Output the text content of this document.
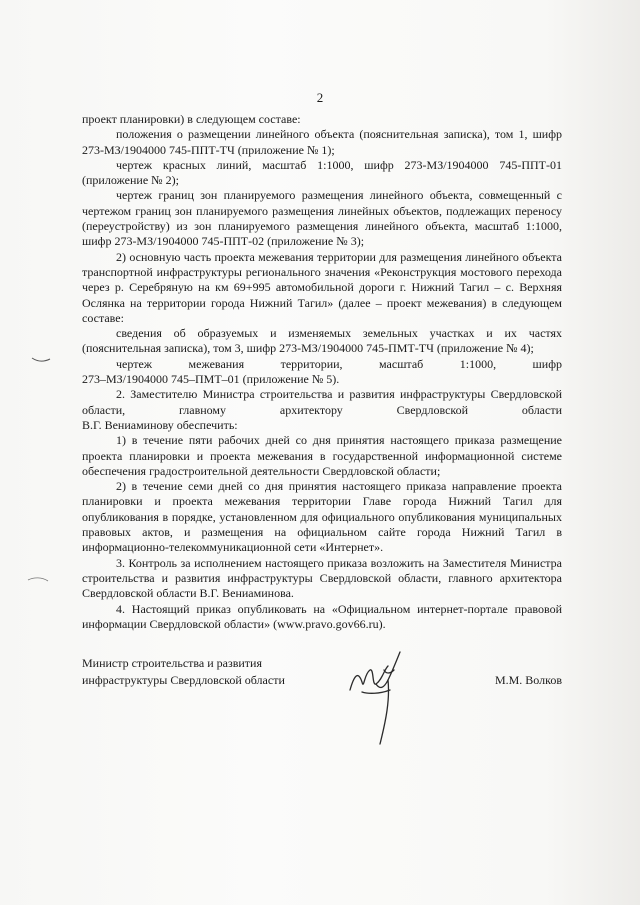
2

проект планировки) в следующем составе:

положения о размещении линейного объекта (пояснительная записка), том 1, шифр 273-МЗ/1904000 745-ППТ-ТЧ (приложение № 1);

чертеж красных линий, масштаб 1:1000, шифр 273-МЗ/1904000 745-ППТ-01 (приложение № 2);

чертеж границ зон планируемого размещения линейного объекта, совмещенный с чертежом границ зон планируемого размещения линейных объектов, подлежащих переносу (переустройству) из зон планируемого размещения линейного объекта, масштаб 1:1000, шифр 273-МЗ/1904000 745-ППТ-02 (приложение № 3);

2) основную часть проекта межевания территории для размещения линейного объекта транспортной инфраструктуры регионального значения «Реконструкция мостового перехода через р. Серебряную на км 69+995 автомобильной дороги г. Нижний Тагил – с. Верхняя Ослянка на территории города Нижний Тагил» (далее – проект межевания) в следующем составе:

сведения об образуемых и изменяемых земельных участках и их частях (пояснительная записка), том 3, шифр 273-МЗ/1904000 745-ПМТ-ТЧ (приложение № 4);

чертеж межевания территории, масштаб 1:1000, шифр

273–МЗ/1904000 745–ПМТ–01 (приложение № 5).

2. Заместителю Министра строительства и развития инфраструктуры Свердловской области, главному архитектору Свердловской области

В.Г. Вениаминову обеспечить:

1) в течение пяти рабочих дней со дня принятия настоящего приказа размещение проекта планировки и проекта межевания в государственной информационной системе обеспечения градостроительной деятельности Свердловской области;

2) в течение семи дней со дня принятия настоящего приказа направление проекта планировки и проекта межевания территории Главе города Нижний Тагил для опубликования в порядке, установленном для официального опубликования муниципальных правовых актов, и размещения на официальном сайте города Нижний Тагил в информационно-телекоммуникационной сети «Интернет».

3. Контроль за исполнением настоящего приказа возложить на Заместителя Министра строительства и развития инфраструктуры Свердловской области, главного архитектора Свердловской области В.Г. Вениаминова.

4. Настоящий приказ опубликовать на «Официальном интернет-портале правовой информации Свердловской области» (www.pravo.gov66.ru).

Министр строительства и развития
инфраструктуры Свердловской области	М.М. Волков
